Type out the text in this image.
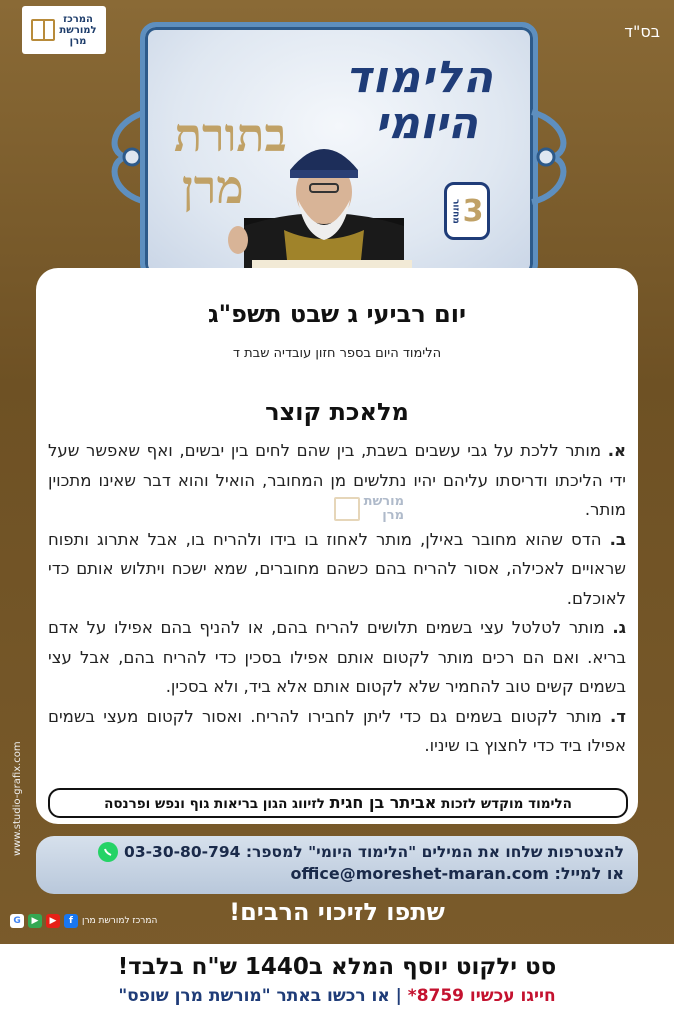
בס"ד
המרכז
למורשת
מרן
הלימוד
היומי
בתורת
מרן	3
מחזור
יום רביעי ג שבט תשפ"ג
הלימוד היום בספר חזון עובדיה שבת ד
מלאכת קוצר

א. מותר ללכת על גבי עשבים בשבת, בין שהם לחים בין יבשים, ואף שאפשר שעל ידי הליכתו ודריסתו עליהם יהיו נתלשים מן המחובר, הואיל והוא דבר שאינו מתכוין מותר.

ב. הדס שהוא מחובר באילן, מותר לאחוז בו בידו ולהריח בו, אבל אתרוג ותפוח שראויים לאכילה, אסור להריח בהם כשהם מחוברים, שמא ישכח ויתלוש אותם כדי לאוכלם.

ג. מותר לטלטל עצי בשמים תלושים להריח בהם, או להניף בהם אפילו על אדם בריא. ואם הם רכים מותר לקטום אותם אפילו בסכין כדי להריח בהם, אבל עצי בשמים קשים טוב להחמיר שלא לקטום אותם אלא ביד, ולא בסכין.

ד. מותר לקטום בשמים גם כדי ליתן לחבירו להריח. ואסור לקטום מעצי בשמים אפילו ביד כדי לחצוץ בו שיניו.

מורשת
מרן
הלימוד מוקדש לזכות אביתר בן חגית לזיווג הגון בריאות גוף ונפש ופרנסה
להצטרפות שלחו את המילים "הלימוד היומי" למספר: 03-30-80-794
או למייל: office@moreshet-maran.com
שתפו לזיכוי הרבים!
המרכז למורשת מרן
f
▶
▶
G
www.studio-grafix.com
סט ילקוט יוסף המלא ב1440 ש"ח בלבד!
חייגו עכשיו 8759* | או רכשו באתר "מורשת מרן שופס"
